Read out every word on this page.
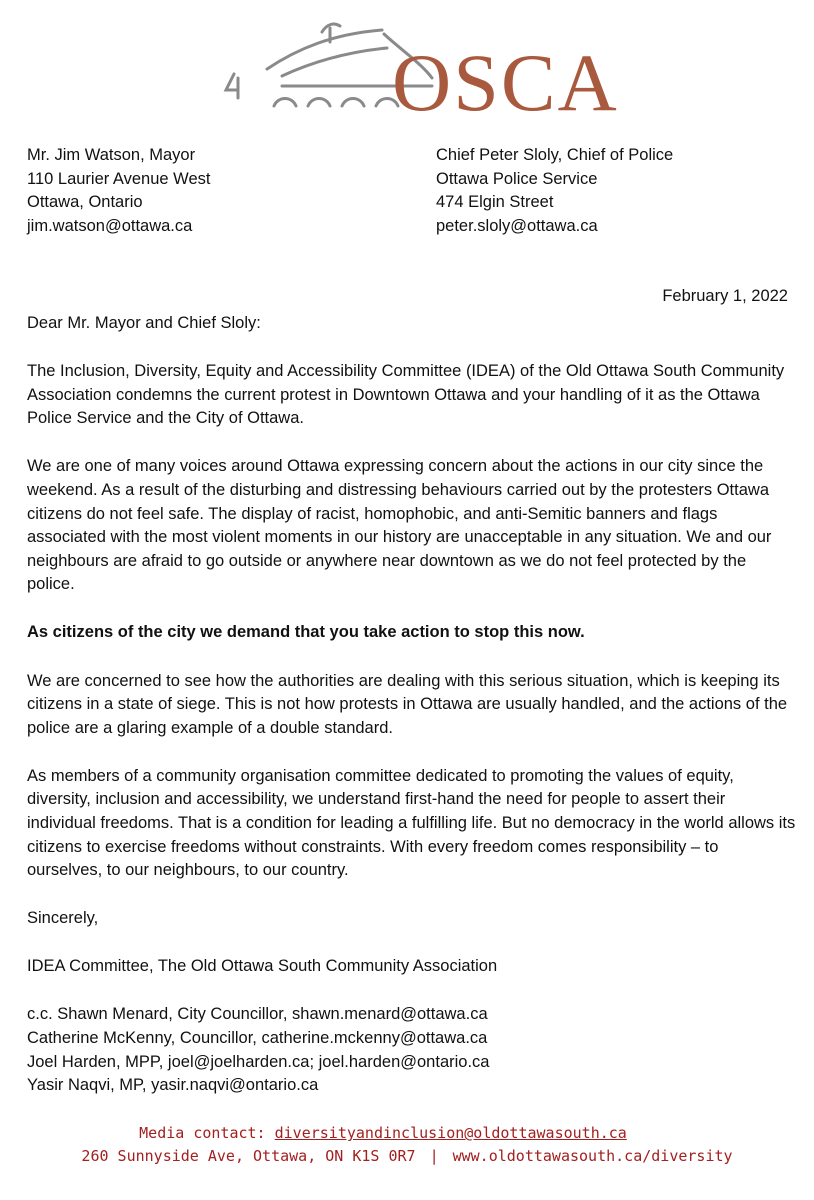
OSCA
Mr. Jim Watson, Mayor
110 Laurier Avenue West
Ottawa, Ontario
jim.watson@ottawa.ca
Chief Peter Sloly, Chief of Police
Ottawa Police Service
474 Elgin Street
peter.sloly@ottawa.ca
February 1, 2022

Dear Mr. Mayor and Chief Sloly:

The Inclusion, Diversity, Equity and Accessibility Committee (IDEA) of the Old Ottawa South Community Association condemns the current protest in Downtown Ottawa and your handling of it as the Ottawa Police Service and the City of Ottawa.

We are one of many voices around Ottawa expressing concern about the actions in our city since the weekend. As a result of the disturbing and distressing behaviours carried out by the protesters Ottawa citizens do not feel safe. The display of racist, homophobic, and anti-Semitic banners and flags associated with the most violent moments in our history are unacceptable in any situation. We and our neighbours are afraid to go outside or anywhere near downtown as we do not feel protected by the police.

As citizens of the city we demand that you take action to stop this now.

We are concerned to see how the authorities are dealing with this serious situation, which is keeping its citizens in a state of siege. This is not how protests in Ottawa are usually handled, and the actions of the police are a glaring example of a double standard.

As members of a community organisation committee dedicated to promoting the values of equity, diversity, inclusion and accessibility, we understand first-hand the need for people to assert their individual freedoms. That is a condition for leading a fulfilling life. But no democracy in the world allows its citizens to exercise freedoms without constraints. With every freedom comes responsibility – to ourselves, to our neighbours, to our country.

Sincerely,

IDEA Committee, The Old Ottawa South Community Association

c.c. Shawn Menard, City Councillor, shawn.menard@ottawa.ca
Catherine McKenny, Councillor, catherine.mckenny@ottawa.ca
Joel Harden, MPP, joel@joelharden.ca; joel.harden@ontario.ca
Yasir Naqvi, MP, yasir.naqvi@ontario.ca
Media contact: diversityandinclusion@oldottawasouth.ca
260 Sunnyside Ave, Ottawa, ON K1S 0R7 | www.oldottawasouth.ca/diversity
